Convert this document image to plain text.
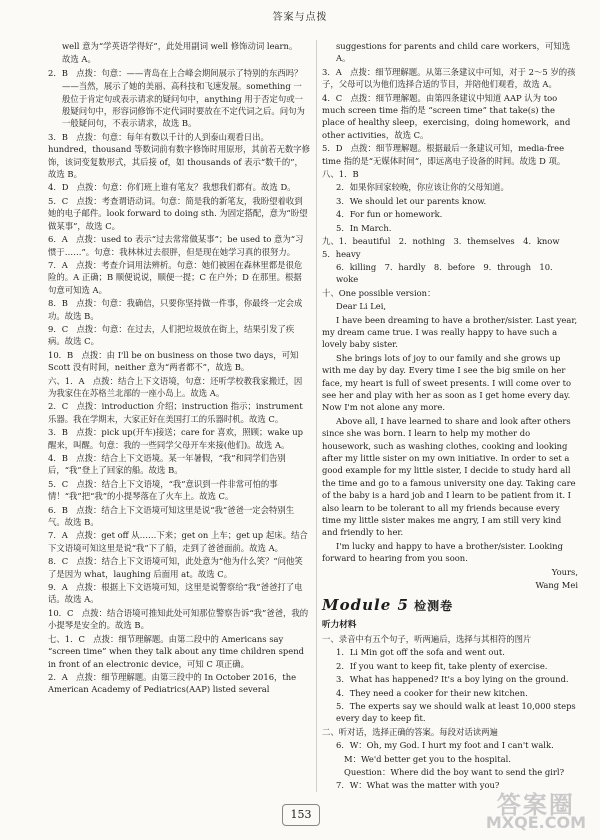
答案与点拨
well 意为“学英语学得好”，此处用副词 well 修饰动词 learn。
故选 A。
2．B　点拨：句意：——青岛在上合峰会期间展示了特别的东西吗？
——当然，展示了她的美丽、高科技和飞速发展。something 一般位于肯定句或表示请求的疑问句中，anything 用于否定句或一般疑问句中，形容词修饰不定代词时要放在不定代词之后。问句为一般疑问句，不表示请求，故选 B。
3．B　点拨：句意：每年有数以千计的人到泰山观看日出。hundred，thousand 等数词前有数字修饰时用原形，其前若无数字修饰，该词变复数形式，其后接 of，如 thousands of 表示“数千的”，故选 B。
4．D　点拨：句意：你们班上谁有笔友？我想我们都有。故选 D。
5．C　点拨：考查谓语动词。句意：简是我的新笔友，我盼望着收到她的电子邮件。look forward to doing sth. 为固定搭配，意为“盼望做某事”，故选 C。
6．A　点拨：used to 表示“过去常常做某事”；be used to 意为“习惯于……”。句意：我林林过去很胖，但是现在她学习真的很努力。
7．A　点拨：考查介词用法辨析。句意：她们被困在森林里都是很危险的。A 正确；B 顺便说说，顺便一提；C 在户外；D 在那里。根据句意可知选 A。
8．B　点拨：句意：我确信，只要你坚持做一件事，你最终一定会成功。故选 B。
9．C　点拨：句意：在过去，人们把垃圾放在街上，结果引发了疾病。故选 C。
10．B　点拨：由 I'll be on business on those two days，可知 Scott 没有时间，neither 意为“两者都不”，故选 B。
六、1．A　点拨：结合上下文语境，句意：还听学校教我家搬迁，因为我家住在苏格兰北部的一座小岛上。故选 A。
2．C　点拨：introduction 介绍；instruction 指示；instrument 乐器。我在学期末，大家正好在美国打工的乐器时机。故选 C。
3．B　点拨：pick up(开车)接送；care for 喜欢，照顾；wake up 醒来，叫醒。句意：我的一些同学父母开车来接(他们)。故选 A。
4．B　点拨：结合上下文语境。某一年暑假，“我”和同学们告别后，“我”登上了回家的船。故选 B。
5．C　点拨：结合上下文语境，“我”意识到一件非常可怕的事情！“我”把“我”的小提琴落在了火车上。故选 C。
6．B　点拨：结合上下文语境可知这里是说“我”爸爸一定会特别生气。故选 B。
7．A　点拨：get off 从……下来；get on 上车；get up 起床。结合下文语境可知这里是说“我”下了船，走到了爸爸面前。故选 A。
8．C　点拨：结合上下文语境可知，此处意为“他为什么笑？”问他笑了是因为 what，laughing 后面用 at。故选 C。
9．A　点拨：根据上下文语境可知，这里是说警察给“我”爸爸打了电话。故选 A。
10．C　点拨：结合语境可推知此处可知那位警察告诉“我”爸爸，我的小提琴是安全的。故选 B。
七、1．C　点拨：细节理解题。由第二段中的 Americans say “screen time” when they talk about any time children spend in front of an electronic device，可知 C 项正确。
2．A　点拨：细节理解题。由第三段中的 In October 2016，the American Academy of Pediatrics(AAP) listed several
suggestions for parents and child care workers，可知选 A。
3．A　点拨：细节理解题。从第三条建议中可知，对于 2～5 岁的孩子，父母可以为他们选择合适的节目，并陪他们观看，故选 A。
4．C　点拨：细节理解题。由第四条建议中知道 AAP 认为 too much screen time 指的是 “screen time” that take(s) the place of healthy sleep，exercising，doing homework，and other activities，故选 C。
5．D　点拨：细节理解题。根据最后一条建议可知，media-free time 指的是“无媒体时间”，即远离电子设备的时间。故选 D 项。
八、1．B
2．如果你回家较晚，你应该让你的父母知道。
3．We should let our parents know.
4．For fun or homework.
5．In March.
九、1．beautiful　2．nothing　3．themselves　4．know　5．heavy
6．killing　7．hardly　8．before　9．through　10．woke
十、One possible version：
Dear Li Lei,
I have been dreaming to have a brother/sister. Last year, my dream came true. I was really happy to have such a lovely baby sister.
She brings lots of joy to our family and she grows up with me day by day. Every time I see the big smile on her face, my heart is full of sweet presents. I will come over to see her and play with her as soon as I get home every day. Now I'm not alone any more.
Above all, I have learned to share and look after others since she was born. I learn to help my mother do housework, such as washing clothes, cooking and looking after my little sister on my own initiative. In order to set a good example for my little sister, I decide to study hard all the time and go to a famous university one day. Taking care of the baby is a hard job and I learn to be patient from it. I also learn to be tolerant to all my friends because every time my little sister makes me angry, I am still very kind and friendly to her.
I'm lucky and happy to have a brother/sister. Looking forward to hearing from you soon.
Yours,
Wang Mei
Module 5 检测卷
听力材料
一、录音中有五个句子，听两遍后，选择与其相符的图片
1．Li Min got off the sofa and went out.
2．If you want to keep fit, take plenty of exercise.
3．What has happened? It's a boy lying on the ground.
4．They need a cooker for their new kitchen.
5．The experts say we should walk at least 10,000 steps every day to keep fit.
二、听对话，选择正确的答案。每段对话读两遍
6．W：Oh, my God. I hurt my foot and I can't walk.
M：We'd better get you to the hospital.
Question：Where did the boy want to send the girl?
7．W：What was the matter with you?
153	答案圈
MXQE.COM
